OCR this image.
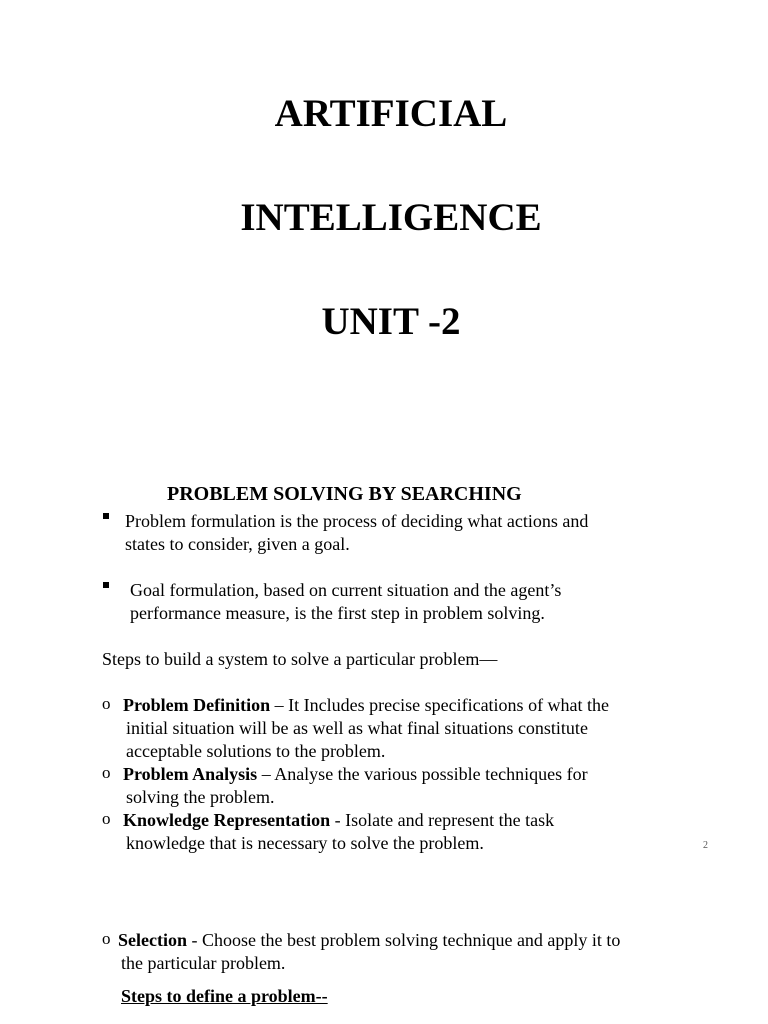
ARTIFICIAL
INTELLIGENCE
UNIT -2
PROBLEM SOLVING BY SEARCHING

Problem formulation is the process of deciding what actions and

states to consider, given a goal.

Goal formulation, based on current situation and the agent’s

performance measure, is the first step in problem solving.

Steps to build a system to solve a particular problem—

o Problem Definition – It Includes precise specifications of what the

initial situation will be as well as what final situations constitute

acceptable solutions to the problem.

o Problem Analysis – Analyse the various possible techniques for

solving the problem.

o Knowledge Representation - Isolate and represent the task

knowledge that is necessary to solve the problem.	2
o Selection - Choose the best problem solving technique and apply it to

the particular problem.

Steps to define a problem--
